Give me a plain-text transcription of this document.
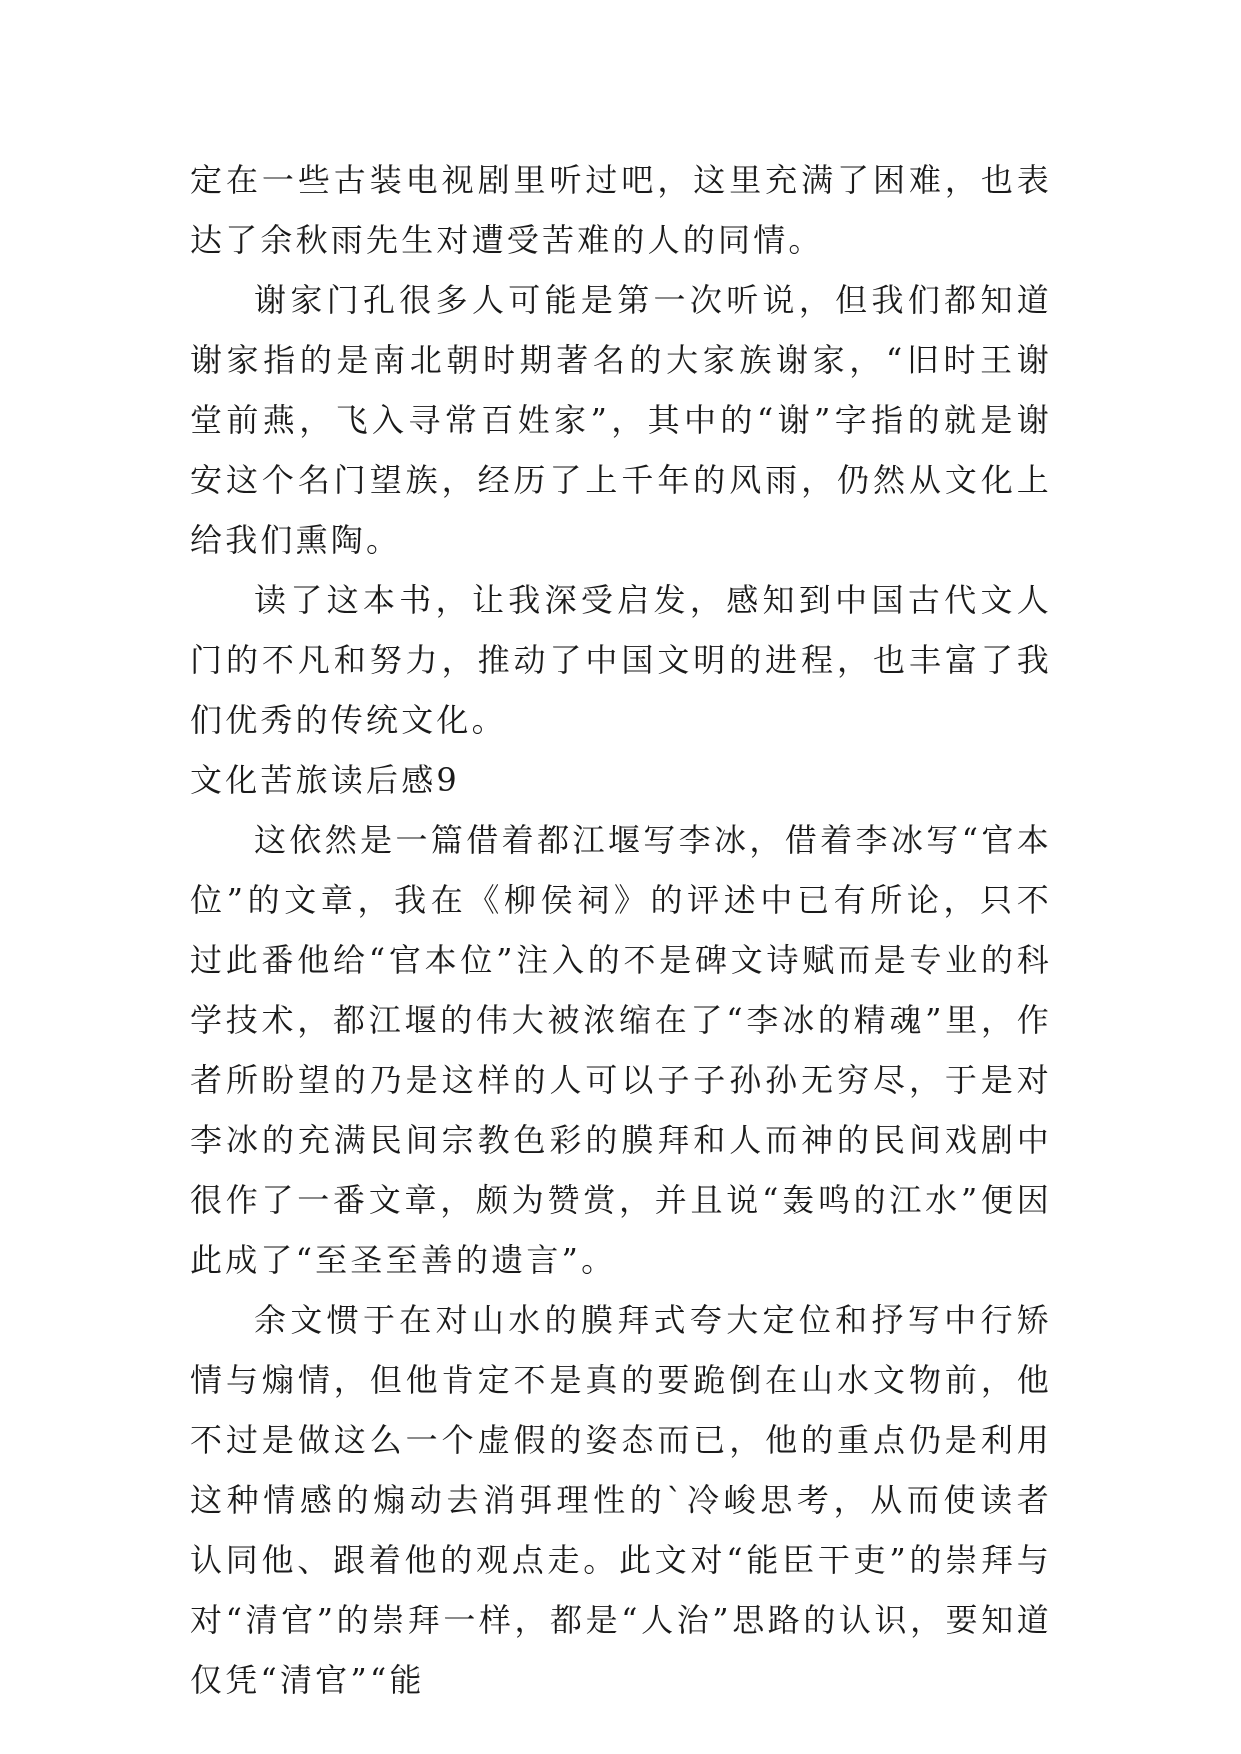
定在一些古装电视剧里听过吧，这里充满了困难，也表达了余秋雨先生对遭受苦难的人的同情。

谢家门孔很多人可能是第一次听说，但我们都知道谢家指的是南北朝时期著名的大家族谢家，“旧时王谢堂前燕，飞入寻常百姓家”，其中的“谢”字指的就是谢安这个名门望族，经历了上千年的风雨，仍然从文化上给我们熏陶。

读了这本书，让我深受启发，感知到中国古代文人门的不凡和努力，推动了中国文明的进程，也丰富了我们优秀的传统文化。

文化苦旅读后感9

这依然是一篇借着都江堰写李冰，借着李冰写“官本位”的文章，我在《柳侯祠》的评述中已有所论，只不过此番他给“官本位”注入的不是碑文诗赋而是专业的科学技术，都江堰的伟大被浓缩在了“李冰的精魂”里，作者所盼望的乃是这样的人可以子子孙孙无穷尽，于是对李冰的充满民间宗教色彩的膜拜和人而神的民间戏剧中很作了一番文章，颇为赞赏，并且说“轰鸣的江水”便因此成了“至圣至善的遗言”。

余文惯于在对山水的膜拜式夸大定位和抒写中行矫情与煽情，但他肯定不是真的要跪倒在山水文物前，他不过是做这么一个虚假的姿态而已，他的重点仍是利用这种情感的煽动去消弭理性的`冷峻思考，从而使读者认同他、跟着他的观点走。此文对“能臣干吏”的崇拜与对“清官”的崇拜一样，都是“人治”思路的认识，要知道仅凭“清官”“能
